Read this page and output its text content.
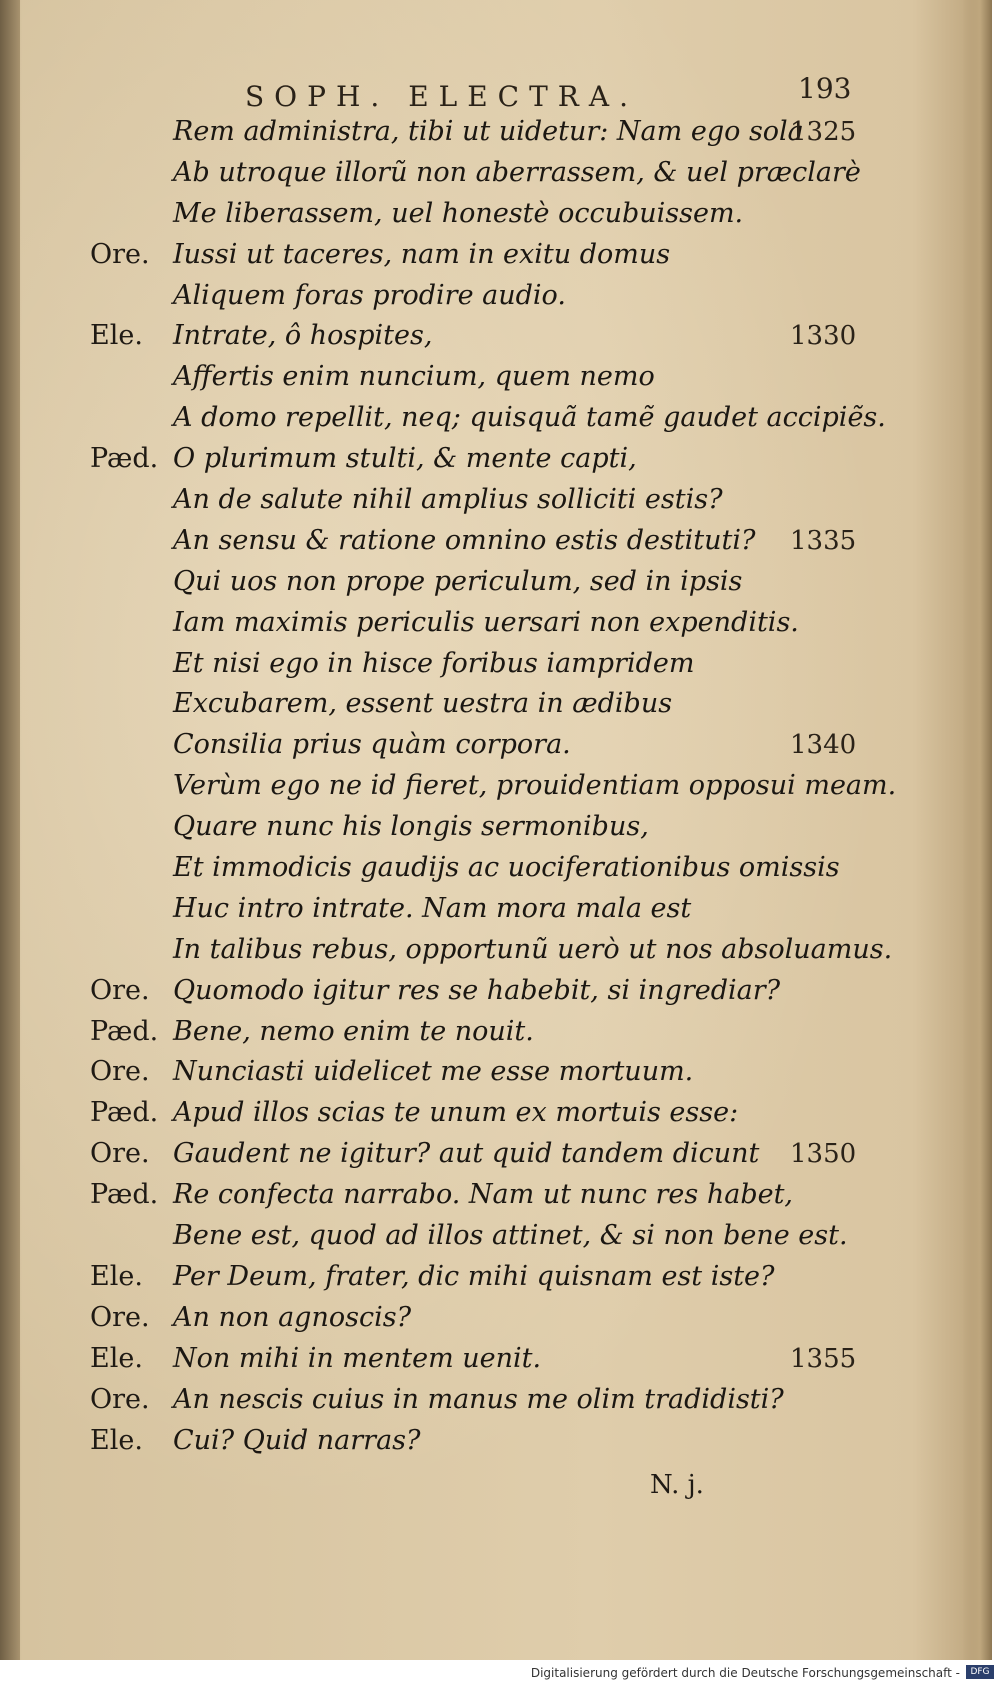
SOPH. ELECTRA.	193
Rem administra, tibi ut uidetur: Nam ego sola
1325
Ab utroque illorũ non aberrassem, & uel præclarè
Me liberassem, uel honestè occubuissem.
Ore. Iussi ut taceres, nam in exitu domus
Aliquem foras prodire audio.
Ele. Intrate, ô hospites,	1330
Affertis enim nuncium, quem nemo
A domo repellit, neq; quisquã tamẽ gaudet accipiẽs.
Pæd. O plurimum stulti, & mente capti,
An de salute nihil amplius solliciti estis?
An sensu & ratione omnino estis destituti? 1335
Qui uos non prope periculum, sed in ipsis
Iam maximis periculis uersari non expenditis.
Et nisi ego in hisce foribus iampridem
Excubarem, essent uestra in ædibus
Consilia prius quàm corpora.	1340
Verùm ego ne id fieret, prouidentiam opposui meam.
Quare nunc his longis sermonibus,
Et immodicis gaudijs ac uociferationibus omissis
Huc intro intrate. Nam mora mala est
In talibus rebus, opportunũ uerò ut nos absoluamus.
Ore. Quomodo igitur res se habebit, si ingrediar?
Pæd. Bene, nemo enim te nouit.
Ore. Nunciasti uidelicet me esse mortuum.
Pæd. Apud illos scias te unum ex mortuis esse:
Ore. Gaudent ne igitur? aut quid tandem dicunt 1350
Pæd. Re confecta narrabo. Nam ut nunc res habet,
Bene est, quod ad illos attinet, & si non bene est.
Ele. Per Deum, frater, dic mihi quisnam est iste?
Ore. An non agnoscis?
Ele. Non mihi in mentem uenit.	1355
Ore. An nescis cuius in manus me olim tradidisti?
Ele. Cui? Quid narras?
N. j.
Digitalisierung gefördert durch die Deutsche Forschungsgemeinschaft -	DFG
